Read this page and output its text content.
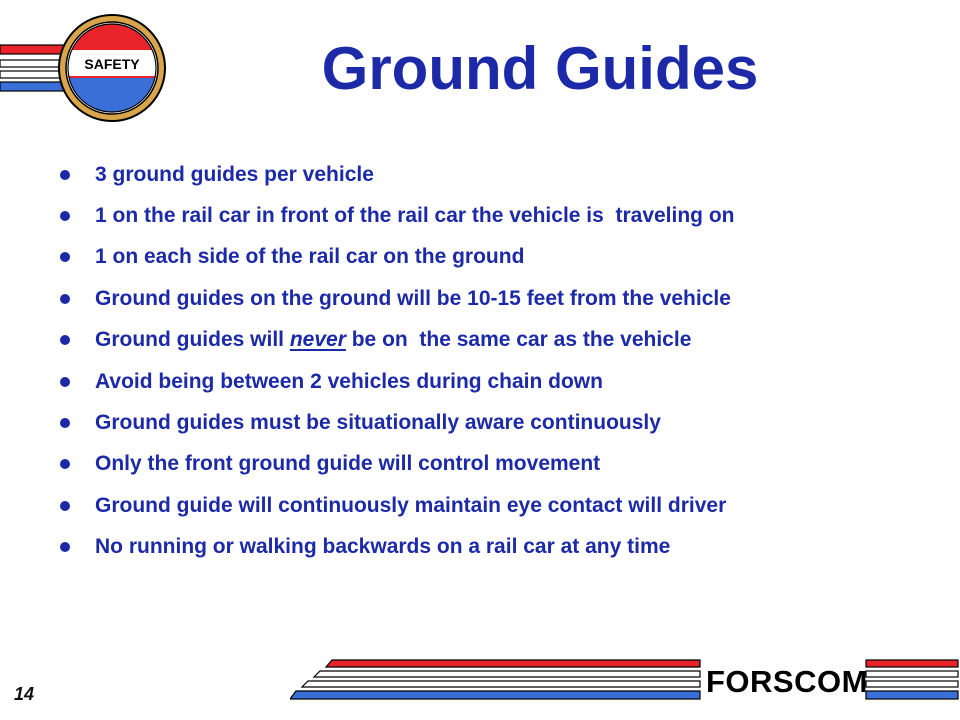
SAFETY	Ground Guides
3 ground guides per vehicle
1 on the rail car in front of the rail car the vehicle is  traveling on
1 on each side of the rail car on the ground
Ground guides on the ground will be 10-15 feet from the vehicle
Ground guides will never be on  the same car as the vehicle
Avoid being between 2 vehicles during chain down
Ground guides must be situationally aware continuously
Only the front ground guide will control movement
Ground guide will continuously maintain eye contact will driver
No running or walking backwards on a rail car at any time
14	FORSCOM
